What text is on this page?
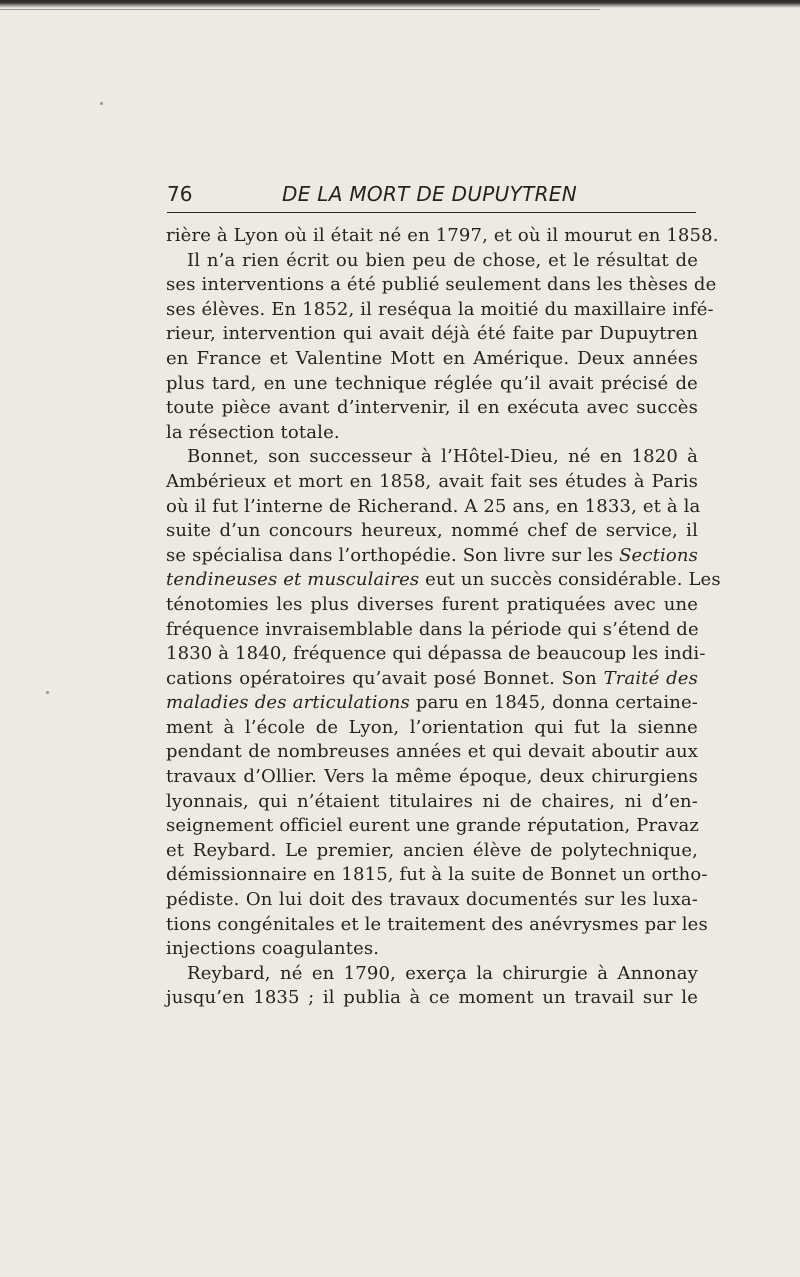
76	DE LA MORT DE DUPUYTREN
rière à Lyon où il était né en 1797, et où il mourut en 1858.
Il n’a rien écrit ou bien peu de chose, et le résultat de
ses interventions a été publié seulement dans les thèses de
ses élèves. En 1852, il reséqua la moitié du maxillaire infé-
rieur, intervention qui avait déjà été faite par Dupuytren
en France et Valentine Mott en Amérique. Deux années
plus tard, en une technique réglée qu’il avait précisé de
toute pièce avant d’intervenir, il en exécuta avec succès
la résection totale.
Bonnet, son successeur à l’Hôtel-Dieu, né en 1820 à
Ambérieux et mort en 1858, avait fait ses études à Paris
où il fut l’interne de Richerand. A 25 ans, en 1833, et à la
suite d’un concours heureux, nommé chef de service, il
se spécialisa dans l’orthopédie. Son livre sur les Sections
tendineuses et musculaires eut un succès considérable. Les
ténotomies les plus diverses furent pratiquées avec une
fréquence invraisemblable dans la période qui s’étend de
1830 à 1840, fréquence qui dépassa de beaucoup les indi-
cations opératoires qu’avait posé Bonnet. Son Traité des
maladies des articulations paru en 1845, donna certaine-
ment à l’école de Lyon, l’orientation qui fut la sienne
pendant de nombreuses années et qui devait aboutir aux
travaux d’Ollier. Vers la même époque, deux chirurgiens
lyonnais, qui n’étaient titulaires ni de chaires, ni d’en-
seignement officiel eurent une grande réputation, Pravaz
et Reybard. Le premier, ancien élève de polytechnique,
démissionnaire en 1815, fut à la suite de Bonnet un ortho-
pédiste. On lui doit des travaux documentés sur les luxa-
tions congénitales et le traitement des anévrysmes par les
injections coagulantes.
Reybard, né en 1790, exerça la chirurgie à Annonay
jusqu’en 1835 ; il publia à ce moment un travail sur le
